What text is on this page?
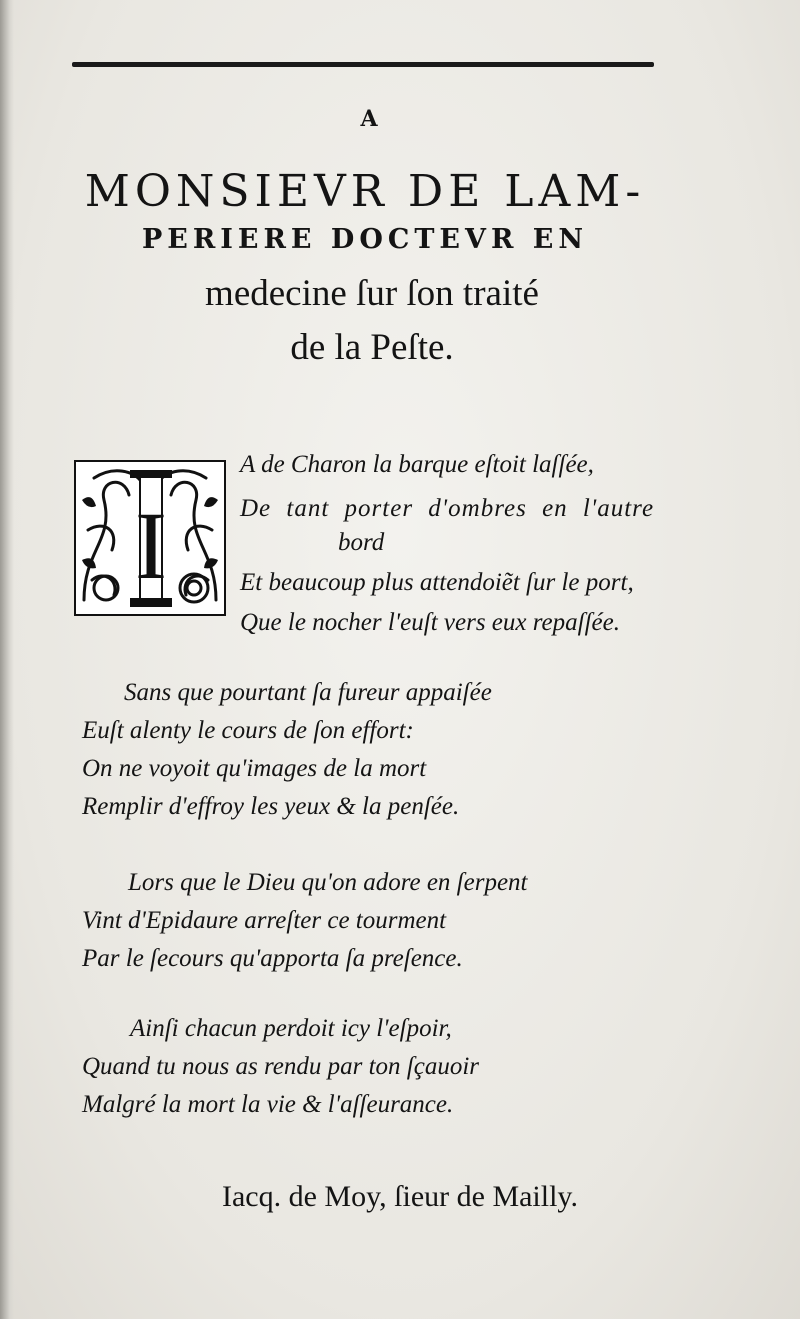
A
MONSIEVR DE LAM-
PERIERE DOCTEVR EN
medecine ſur ſon traité
de la Peſte.
I
A de Charon la barque eſtoit laſſée,
De tant porter d'ombres en l'autre
bord
Et beaucoup plus attendoiẽt ſur le port,
Que le nocher l'euſt vers eux repaſſée.
Sans que pourtant ſa fureur appaiſée
Euſt alenty le cours de ſon effort:
On ne voyoit qu'images de la mort
Remplir d'effroy les yeux & la penſée.
Lors que le Dieu qu'on adore en ſerpent
Vint d'Epidaure arreſter ce tourment
Par le ſecours qu'apporta ſa preſence.
Ainſi chacun perdoit icy l'eſpoir,
Quand tu nous as rendu par ton ſçauoir
Malgré la mort la vie & l'aſſeurance.
Iacq. de Moy, ſieur de Mailly.
